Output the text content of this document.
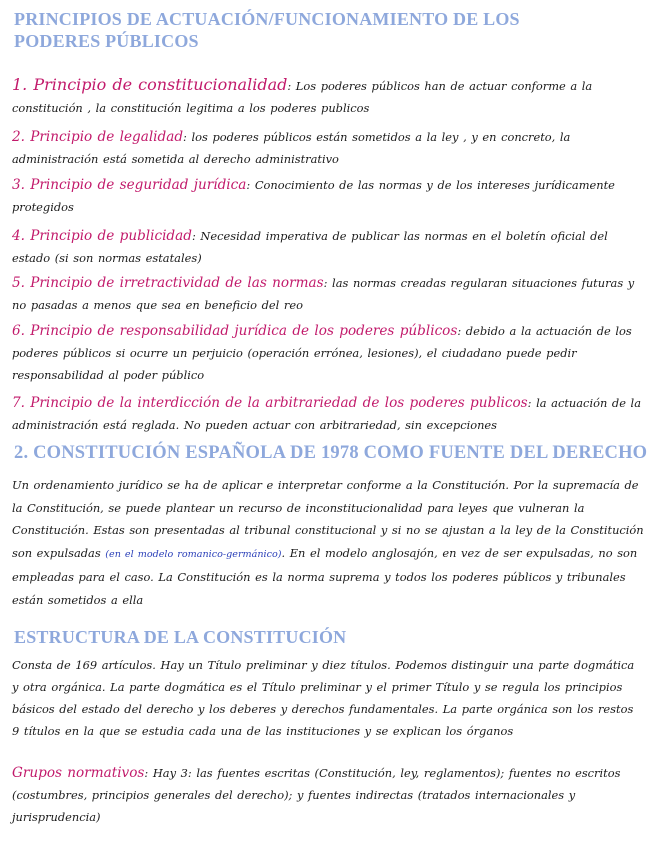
PRINCIPIOS DE ACTUACIÓN/FUNCIONAMIENTO DE LOS
PODERES PÚBLICOS

1. Principio de constitucionalidad: Los poderes públicos han de actuar conforme a la constitución , la constitución legitima a los poderes publicos

2. Principio de legalidad: los poderes públicos están sometidos a la ley , y en concreto, la administración está sometida al derecho administrativo

3. Principio de seguridad jurídica: Conocimiento de las normas y de los intereses jurídicamente protegidos

4. Principio de publicidad: Necesidad imperativa de publicar las normas en el boletín oficial del estado (si son normas estatales)

5. Principio de irretractividad de las normas: las normas creadas regularan situaciones futuras y no pasadas a menos que sea en beneficio del reo

6. Principio de responsabilidad jurídica de los poderes públicos: debido a la actuación de los poderes públicos si ocurre un perjuicio (operación errónea, lesiones), el ciudadano puede pedir responsabilidad al poder público

7. Principio de la interdicción de la arbitrariedad de los poderes publicos: la actuación de la administración está reglada. No pueden actuar con arbitrariedad, sin excepciones

2. CONSTITUCIÓN ESPAÑOLA DE 1978 COMO FUENTE DEL DERECHO

Un ordenamiento jurídico se ha de aplicar e interpretar conforme a la Constitución. Por la supremacía de la Constitución, se puede plantear un recurso de inconstitucionalidad para leyes que vulneran la Constitución. Estas son presentadas al tribunal constitucional y si no se ajustan a la ley de la Constitución son expulsadas (en el modelo romanico-germánico). En el modelo anglosajón, en vez de ser expulsadas, no son empleadas para el caso. La Constitución es la norma suprema y todos los poderes públicos y tribunales están sometidos a ella

ESTRUCTURA DE LA CONSTITUCIÓN

Consta de 169 artículos. Hay un Título preliminar y diez títulos. Podemos distinguir una parte dogmática y otra orgánica. La parte dogmática es el Título preliminar y el primer Título y se regula los principios básicos del estado del derecho y los deberes y derechos fundamentales. La parte orgánica son los restos 9 títulos en la que se estudia cada una de las instituciones y se explican los órganos

Grupos normativos: Hay 3: las fuentes escritas (Constitución, ley, reglamentos); fuentes no escritos (costumbres, principios generales del derecho); y fuentes indirectas (tratados internacionales y jurisprudencia)
